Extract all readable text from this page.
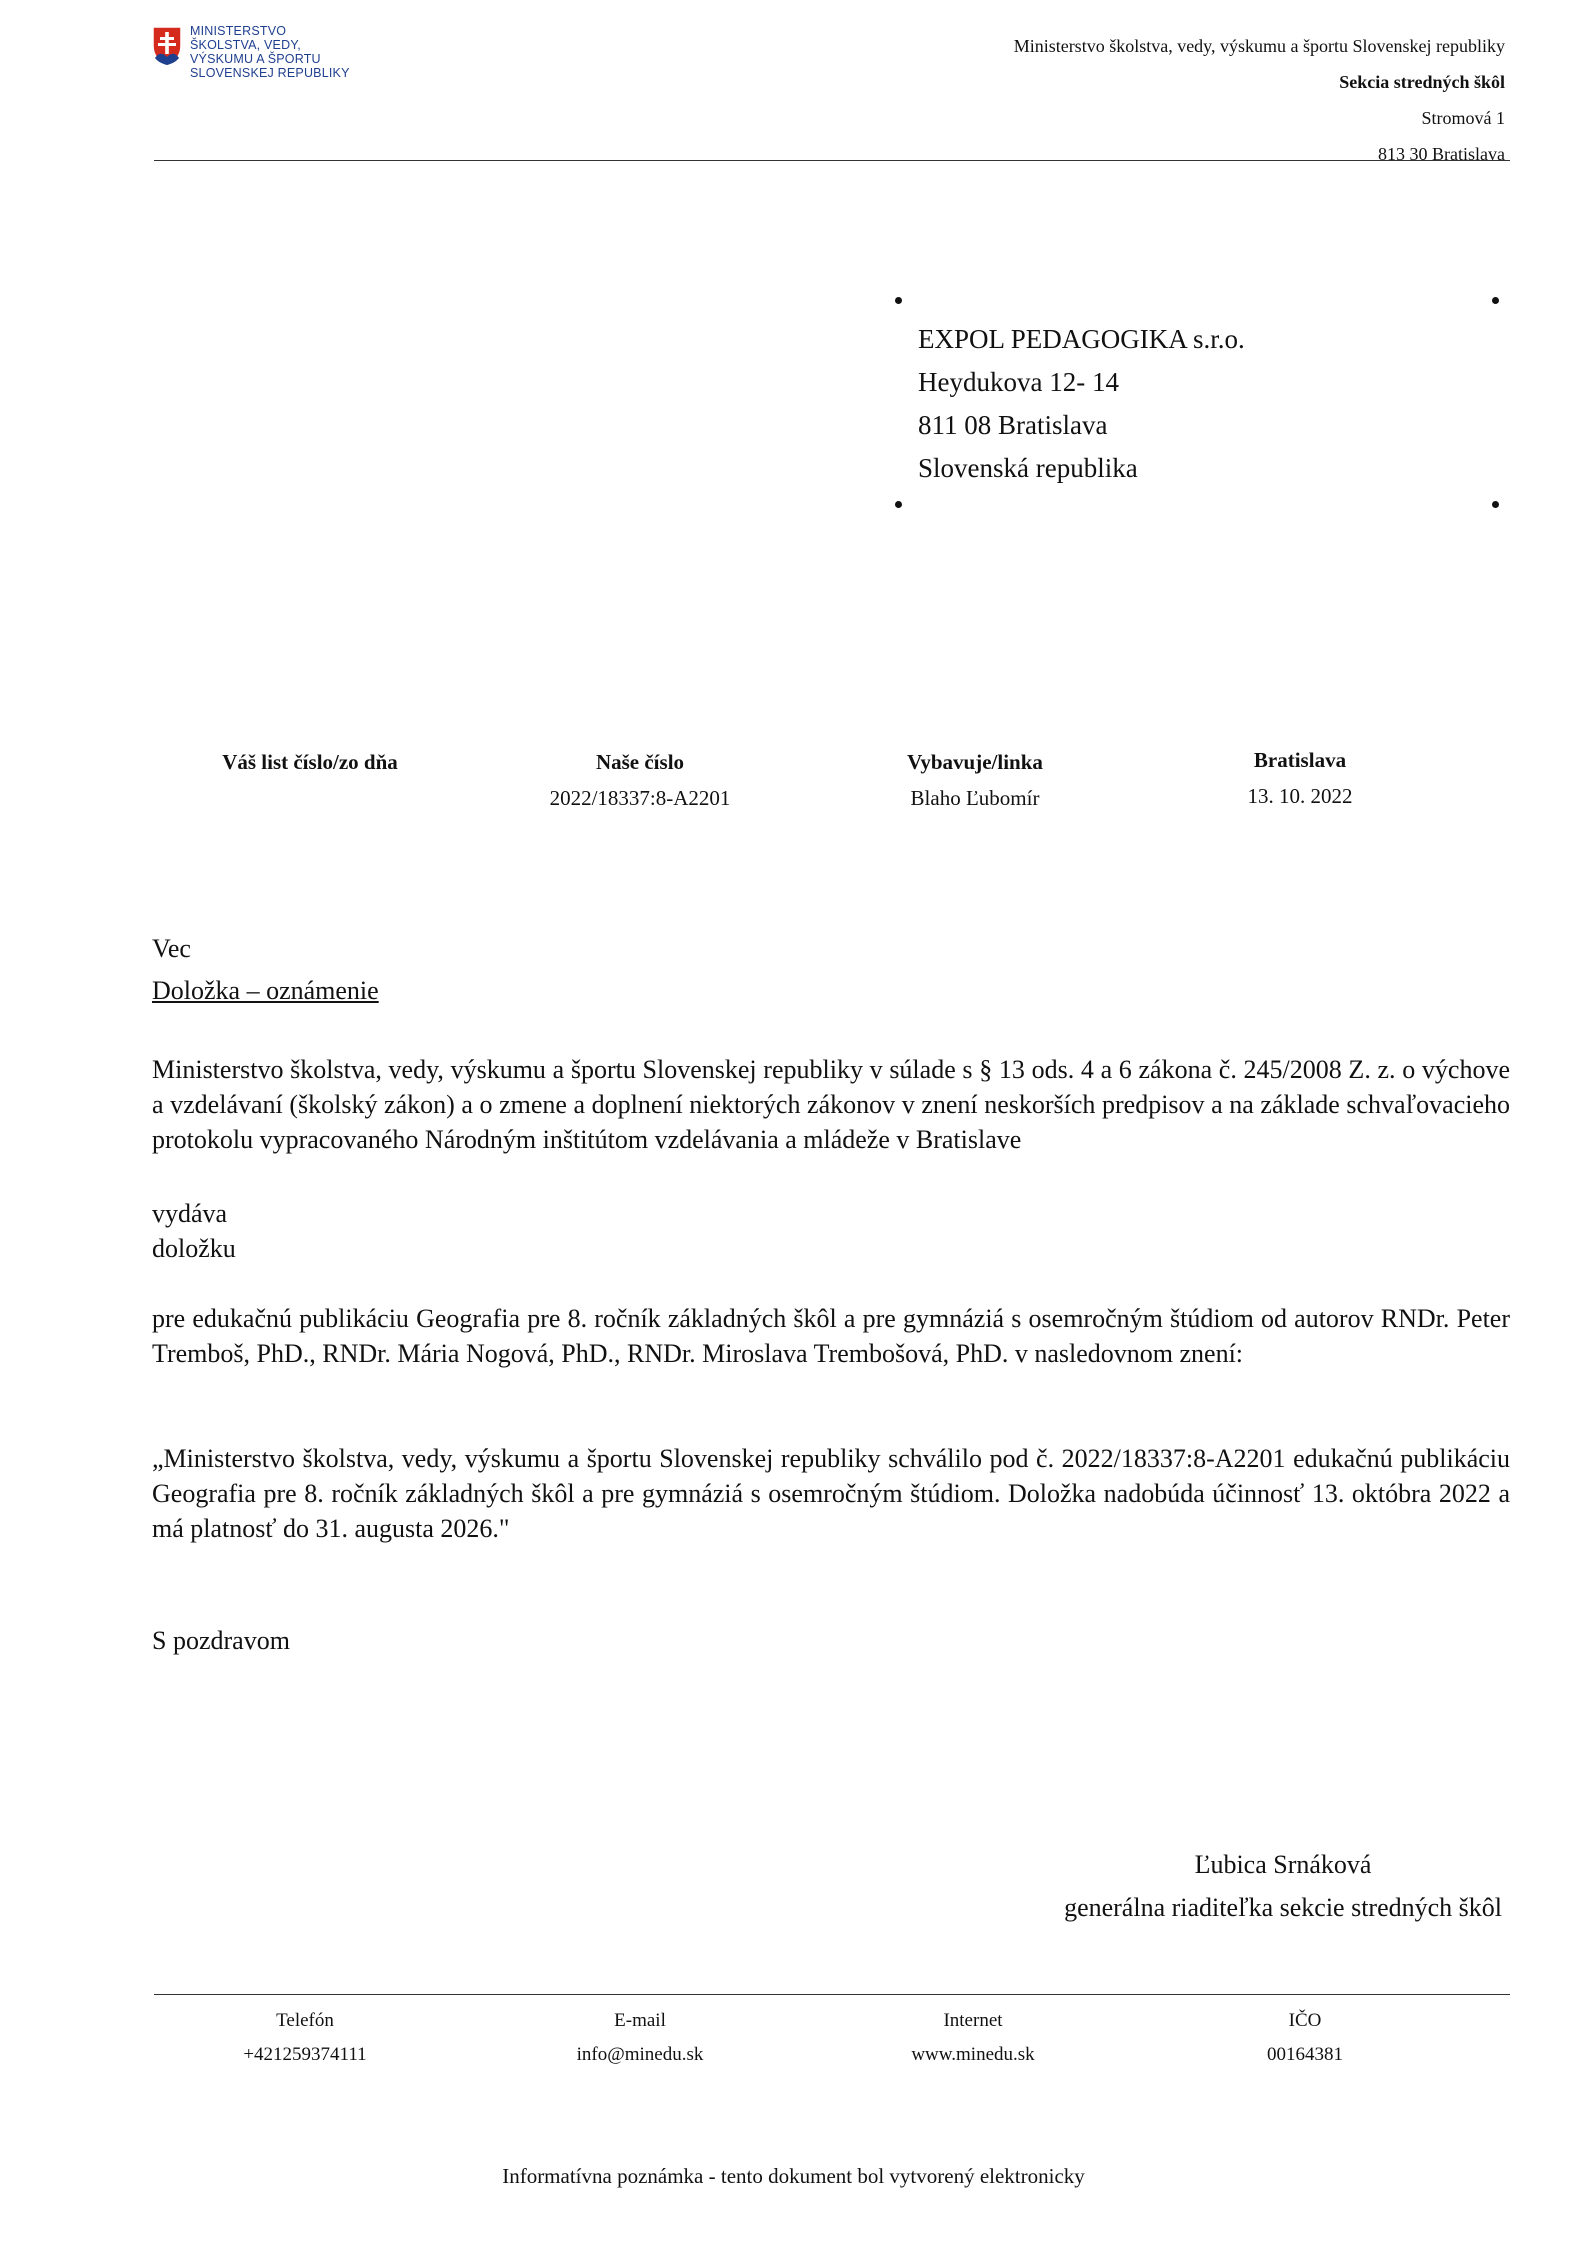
MINISTERSTVO
ŠKOLSTVA, VEDY,
VÝSKUMU A ŠPORTU
SLOVENSKEJ REPUBLIKY
Ministerstvo školstva, vedy, výskumu a športu Slovenskej republiky
Sekcia stredných škôl
Stromová 1
813 30 Bratislava
EXPOL PEDAGOGIKA s.r.o.
Heydukova 12- 14
811 08 Bratislava
Slovenská republika
Váš list číslo/zo dňa	Naše číslo
2022/18337:8-A2201
Vybavuje/linka
Blaho Ľubomír
Bratislava
13. 10. 2022
Vec
Doložka – oznámenie
Ministerstvo školstva, vedy, výskumu a športu Slovenskej republiky v súlade s § 13 ods. 4 a 6 zákona č. 245/2008 Z. z. o výchove a vzdelávaní (školský zákon) a o zmene a doplnení niektorých zákonov v znení neskorších predpisov a na základe schvaľovacieho protokolu vypracovaného Národným inštitútom vzdelávania a mládeže v Bratislave
vydáva
doložku
pre edukačnú publikáciu Geografia pre 8. ročník základných škôl a pre gymnáziá s osemročným štúdiom od autorov RNDr. Peter Tremboš, PhD., RNDr. Mária Nogová, PhD., RNDr. Miroslava Trembošová, PhD. v nasledovnom znení:
„Ministerstvo školstva, vedy, výskumu a športu Slovenskej republiky schválilo pod č. 2022/18337:8-A2201 edukačnú publikáciu Geografia pre 8. ročník základných škôl a pre gymnáziá s osemročným štúdiom. Doložka nadobúda účinnosť 13. októbra 2022 a má platnosť do 31. augusta 2026."
S pozdravom
Ľubica Srnáková
generálna riaditeľka sekcie stredných škôl
Telefón
+421259374111
E-mail
info@minedu.sk
Internet
www.minedu.sk
IČO
00164381
Informatívna poznámka - tento dokument bol vytvorený elektronicky
